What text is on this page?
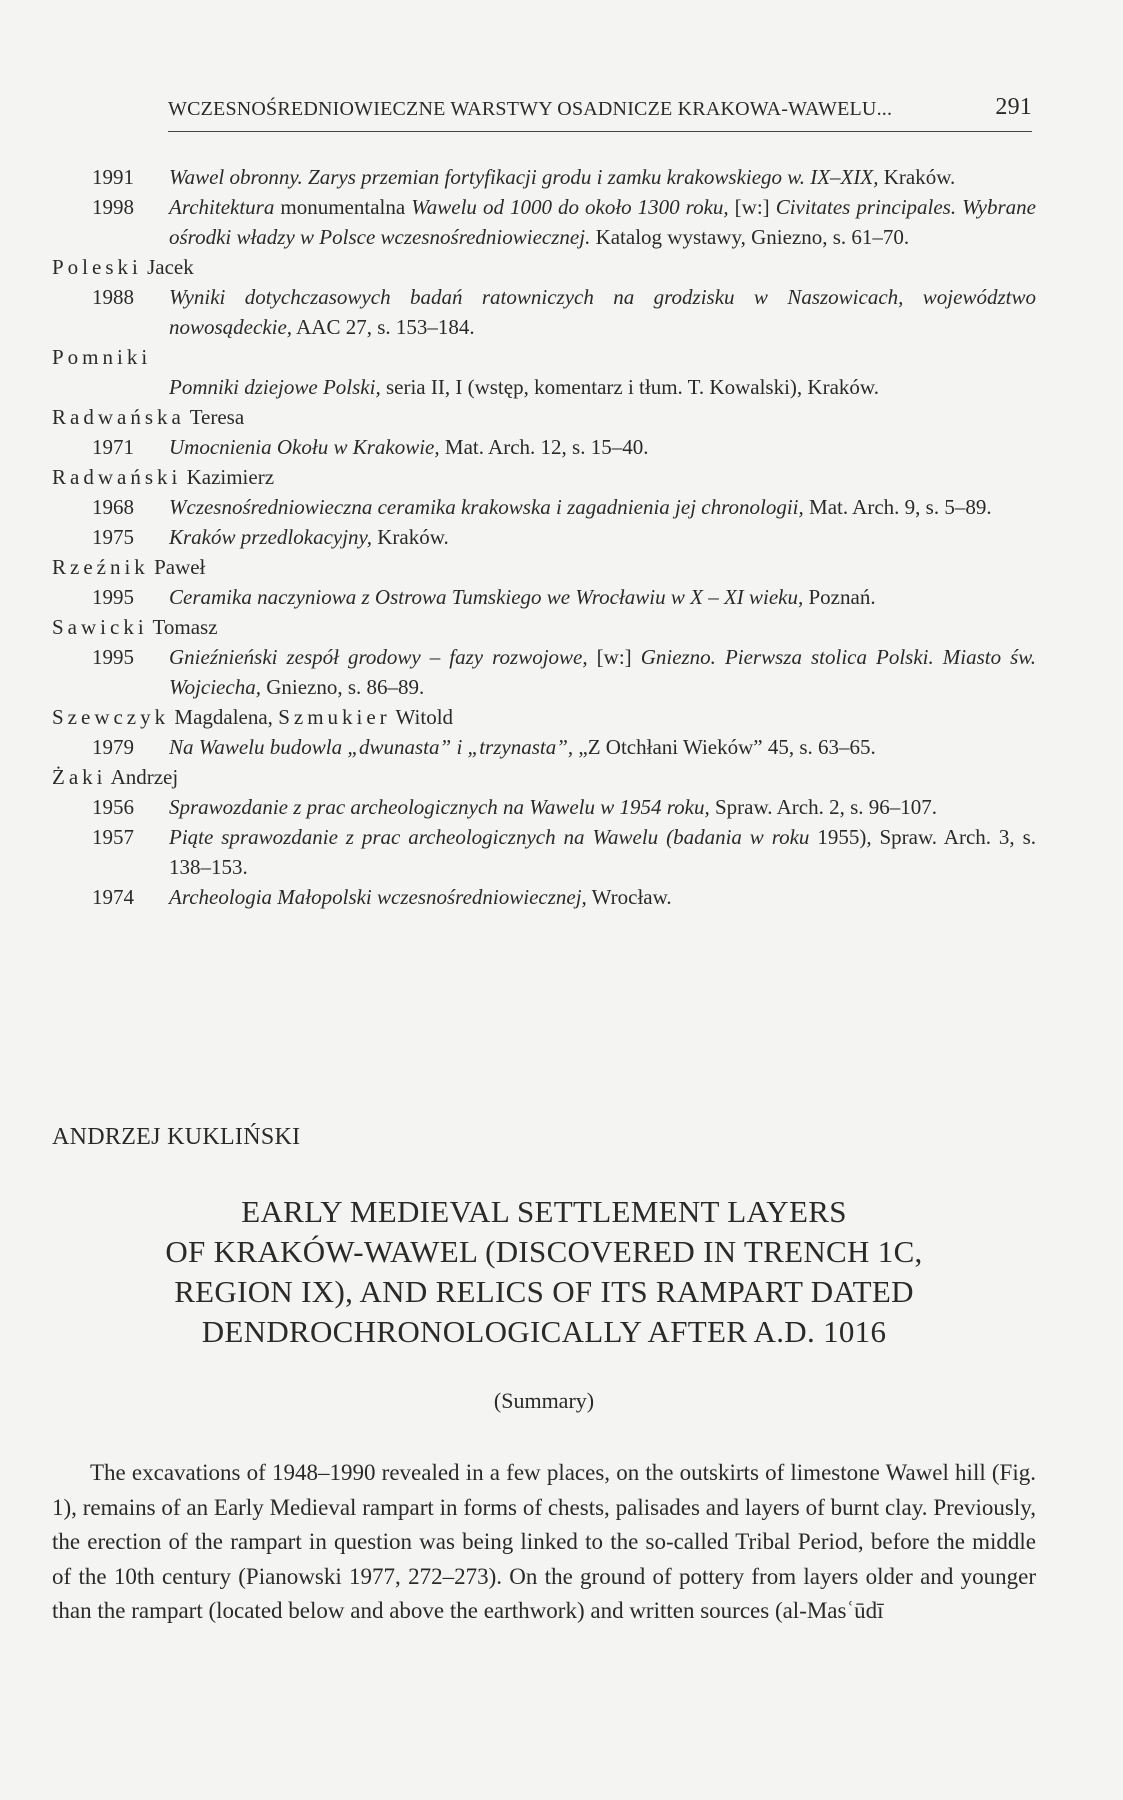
WCZESNOŚREDNIOWIECZNE WARSTWY OSADNICZE KRAKOWA-WAWELU...	291
1991 Wawel obronny. Zarys przemian fortyfikacji grodu i zamku krakowskiego w. IX–XIX, Kraków.
1998 Architektura monumentalna Wawelu od 1000 do około 1300 roku, [w:] Civitates principales. Wybrane ośrodki władzy w Polsce wczesnośredniowiecznej. Katalog wystawy, Gniezno, s. 61–70.
Poleski Jacek
1988 Wyniki dotychczasowych badań ratowniczych na grodzisku w Naszowicach, województwo nowosądeckie, AAC 27, s. 153–184.
Pomniki
Pomniki dziejowe Polski, seria II, I (wstęp, komentarz i tłum. T. Kowalski), Kraków.
Radwańska Teresa
1971 Umocnienia Okołu w Krakowie, Mat. Arch. 12, s. 15–40.
Radwański Kazimierz
1968 Wczesnośredniowieczna ceramika krakowska i zagadnienia jej chronologii, Mat. Arch. 9, s. 5–89.
1975 Kraków przedlokacyjny, Kraków.
Rzeźnik Paweł
1995 Ceramika naczyniowa z Ostrowa Tumskiego we Wrocławiu w X – XI wieku, Poznań.
Sawicki Tomasz
1995 Gnieźnieński zespół grodowy – fazy rozwojowe, [w:] Gniezno. Pierwsza stolica Polski. Miasto św. Wojciecha, Gniezno, s. 86–89.
Szewczyk Magdalena, Szmukier Witold
1979 Na Wawelu budowla „dwunasta” i „trzynasta”, „Z Otchłani Wieków” 45, s. 63–65.
Żaki Andrzej
1956 Sprawozdanie z prac archeologicznych na Wawelu w 1954 roku, Spraw. Arch. 2, s. 96–107.
1957 Piąte sprawozdanie z prac archeologicznych na Wawelu (badania w roku 1955), Spraw. Arch. 3, s. 138–153.
1974 Archeologia Małopolski wczesnośredniowiecznej, Wrocław.
ANDRZEJ KUKLIŃSKI
EARLY MEDIEVAL SETTLEMENT LAYERS
OF KRAKÓW-WAWEL (DISCOVERED IN TRENCH 1C,
REGION IX), AND RELICS OF ITS RAMPART DATED
DENDROCHRONOLOGICALLY AFTER A.D. 1016
(Summary)
The excavations of 1948–1990 revealed in a few places, on the outskirts of limestone Wawel hill (Fig. 1), remains of an Early Medieval rampart in forms of chests, palisades and layers of burnt clay. Previously, the erection of the rampart in question was being linked to the so-called Tribal Period, before the middle of the 10th century (Pianowski 1977, 272–273). On the ground of pottery from layers older and younger than the rampart (located below and above the earthwork) and written sources (al-Masʿūdī
